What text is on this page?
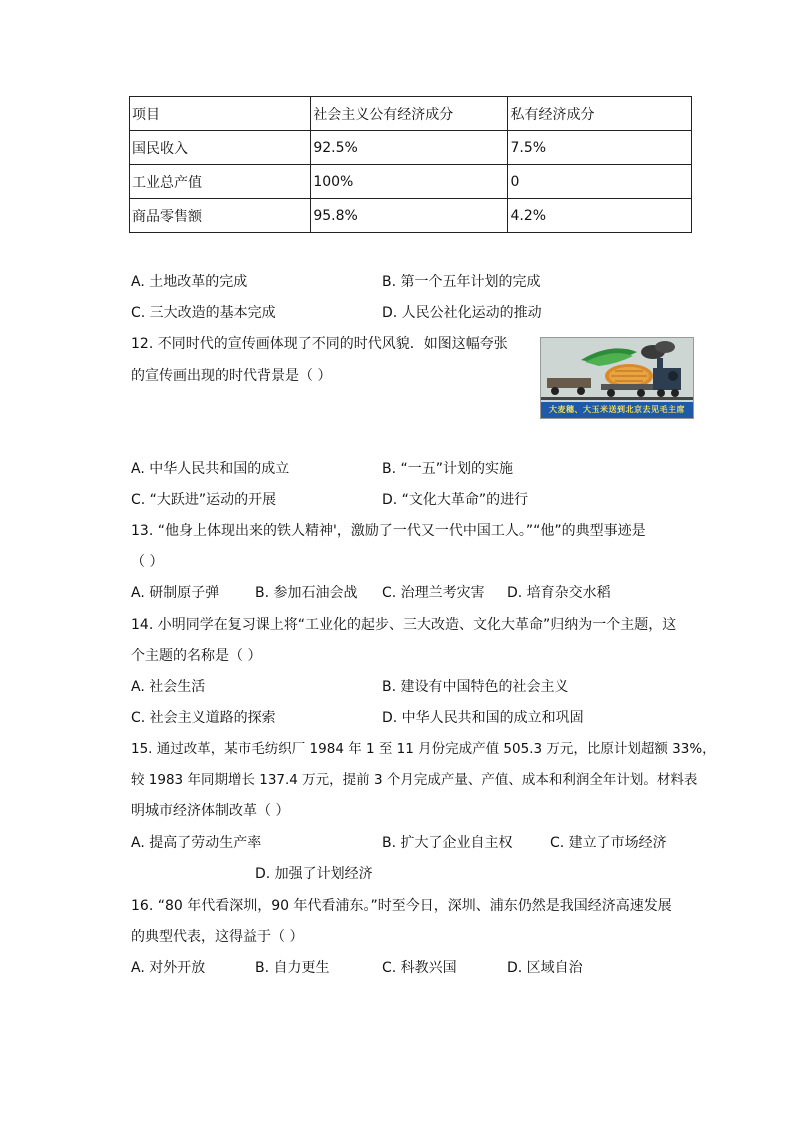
项目	社会主义公有经济成分	私有经济成分
国民收入	92.5%	7.5%
工业总产值	100%	0
商品零售额	95.8%	4.2%
A. 土地改革的完成	B. 第一个五年计划的完成
C. 三大改造的基本完成	D. 人民公社化运动的推动
12. 不同时代的宣传画体现了不同的时代风貌．如图这幅夸张
的宣传画出现的时代背景是（ ）
大麦穗、大玉米送到北京去见毛主席
A. 中华人民共和国的成立	B. “一五”计划的实施
C. “大跃进”运动的开展	D. “文化大革命”的进行
13. “他身上体现出来的铁人精神'，激励了一代又一代中国工人。”“他”的典型事迹是
（ ）
A. 研制原子弹	B. 参加石油会战 C. 治理兰考灾害 D. 培育杂交水稻
14. 小明同学在复习课上将“工业化的起步、三大改造、文化大革命”归纳为一个主题，这
个主题的名称是（ ）
A. 社会生活	B. 建设有中国特色的社会主义
C. 社会主义道路的探索	D. 中华人民共和国的成立和巩固
15. 通过改革，某市毛纺织厂 1984 年 1 至 11 月份完成产值 505.3 万元，比原计划超额 33%，
较 1983 年同期增长 137.4 万元，提前 3 个月完成产量、产值、成本和利润全年计划。材料表
明城市经济体制改革（ ）
A. 提高了劳动生产率	B. 扩大了企业自主权	C. 建立了市场经济
D. 加强了计划经济
16. “80 年代看深圳，90 年代看浦东。”时至今日，深圳、浦东仍然是我国经济高速发展
的典型代表，这得益于（ ）
A. 对外开放	B. 自力更生	C. 科教兴国	D. 区域自治
